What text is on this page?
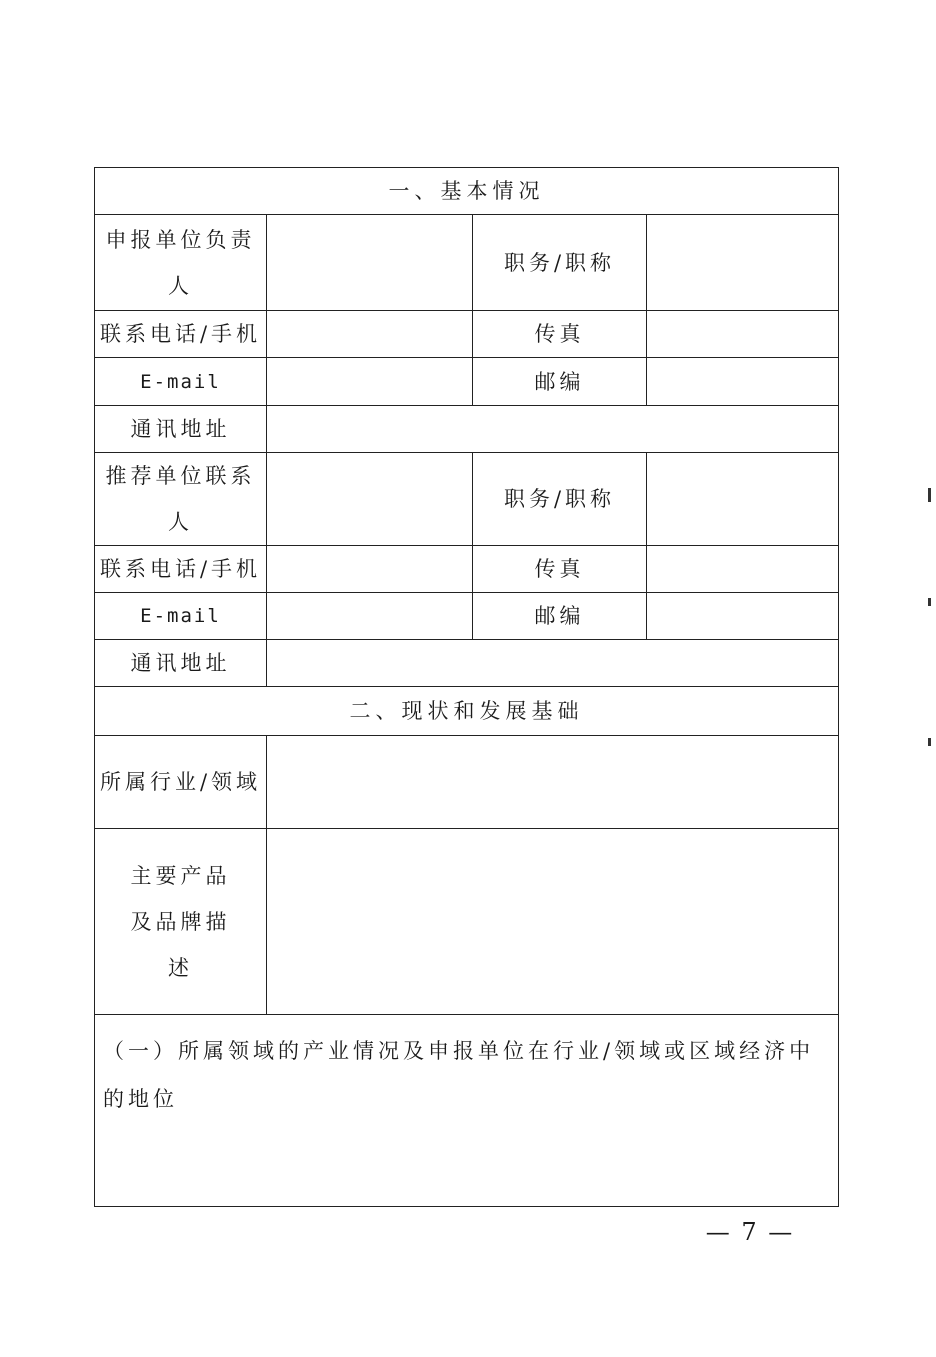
一、基本情况			
申报单位负责人		职务/职称	
联系电话/手机		传真	
E-mail		邮编	
通讯地址			
推荐单位联系人		职务/职称	
联系电话/手机		传真	
E-mail		邮编	
通讯地址			
二、现状和发展基础			
所属行业/领域			
主要产品及品牌描述			
（一）所属领域的产业情况及申报单位在行业/领域或区域经济中的地位			
— 7 —
